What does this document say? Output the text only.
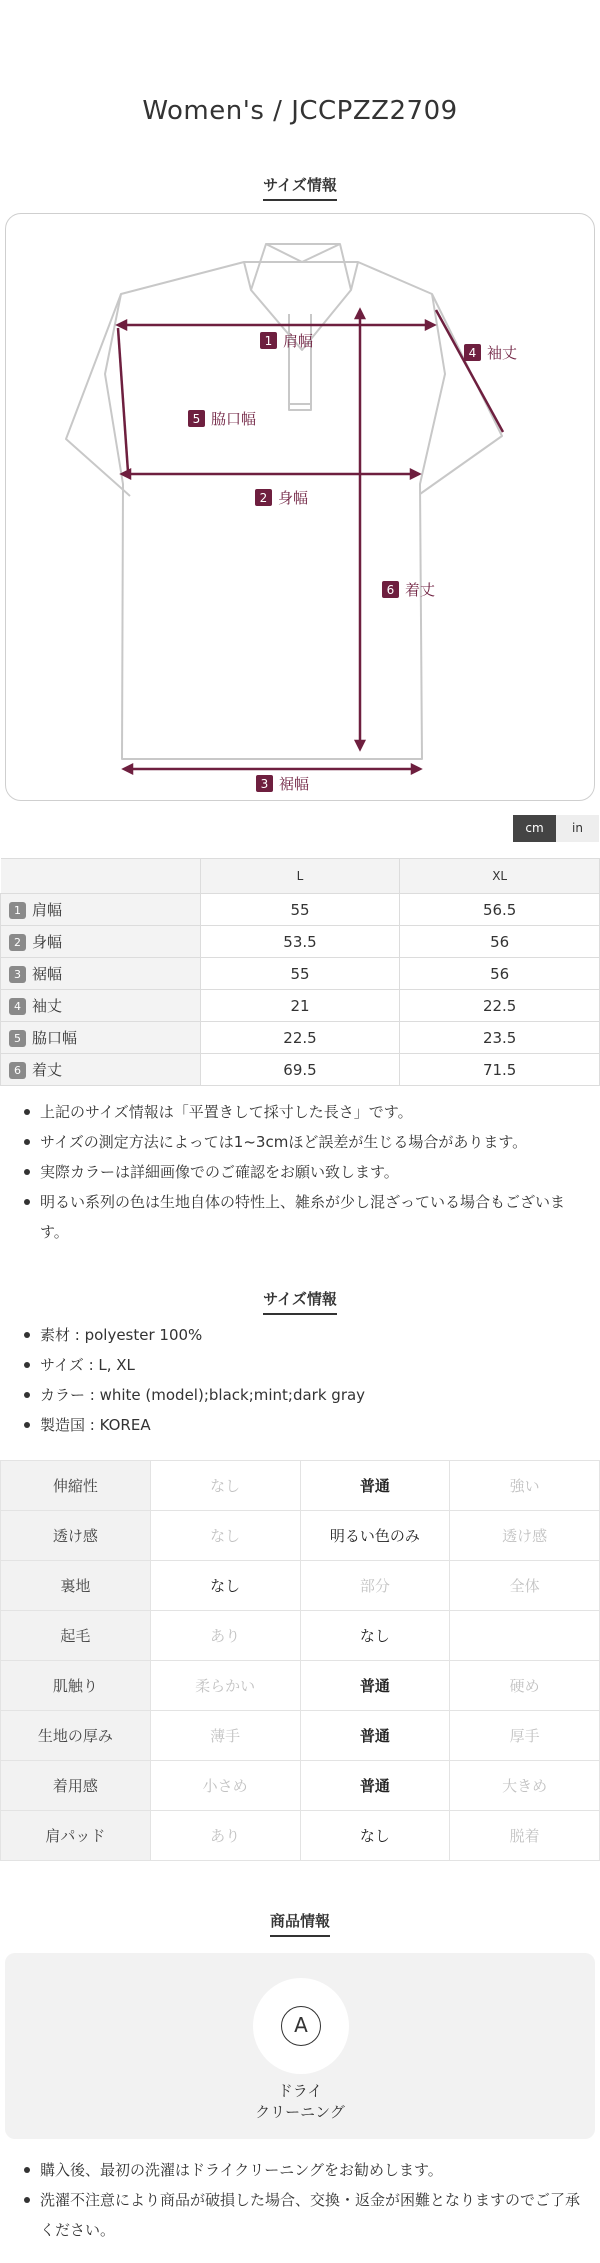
Women's / JCCPZZ2709
サイズ情報
1 肩幅
2 身幅
3 裾幅
4 袖丈
5 脇口幅
6 着丈
cm	in
	L	XL
1 肩幅	55	56.5
2 身幅	53.5	56
3 裾幅	55	56
4 袖丈	21	22.5
5 脇口幅	22.5	23.5
6 着丈	69.5	71.5
上記のサイズ情報は「平置きして採寸した長さ」です。
サイズの測定方法によっては1~3cmほど誤差が生じる場合があります。
実際カラーは詳細画像でのご確認をお願い致します。
明るい系列の色は生地自体の特性上、雑糸が少し混ざっている場合もございます。
サイズ情報
素材 : polyester 100%
サイズ : L, XL
カラー : white (model);black;mint;dark gray
製造国 : KOREA
伸縮性	なし	普通	強い
透け感	なし	明るい色のみ	透け感
裏地	なし	部分	全体
起毛	あり	なし	
肌触り	柔らかい	普通	硬め
生地の厚み	薄手	普通	厚手
着用感	小さめ	普通	大きめ
肩パッド	あり	なし	脱着
商品情報
A
ドライ
クリーニング
購入後、最初の洗濯はドライクリーニングをお勧めします。
洗濯不注意により商品が破損した場合、交換・返金が困難となりますのでご了承ください。
